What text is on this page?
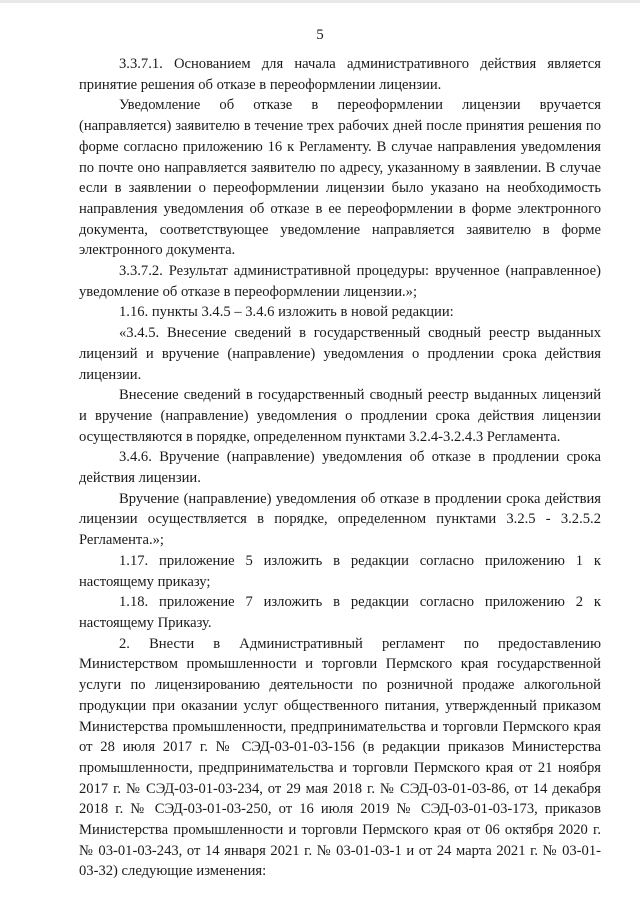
5

3.3.7.1. Основанием для начала административного действия является принятие решения об отказе в переоформлении лицензии.

Уведомление об отказе в переоформлении лицензии вручается (направляется) заявителю в течение трех рабочих дней после принятия решения по форме согласно приложению 16 к Регламенту. В случае направления уведомления по почте оно направляется заявителю по адресу, указанному в заявлении. В случае если в заявлении о переоформлении лицензии было указано на необходимость направления уведомления об отказе в ее переоформлении в форме электронного документа, соответствующее уведомление направляется заявителю в форме электронного документа.

3.3.7.2. Результат административной процедуры: врученное (направленное) уведомление об отказе в переоформлении лицензии.»;

1.16. пункты 3.4.5 – 3.4.6 изложить в новой редакции:

«3.4.5. Внесение сведений в государственный сводный реестр выданных лицензий и вручение (направление) уведомления о продлении срока действия лицензии.

Внесение сведений в государственный сводный реестр выданных лицензий и вручение (направление) уведомления о продлении срока действия лицензии осуществляются в порядке, определенном пунктами 3.2.4-3.2.4.3 Регламента.

3.4.6. Вручение (направление) уведомления об отказе в продлении срока действия лицензии.

Вручение (направление) уведомления об отказе в продлении срока действия лицензии осуществляется в порядке, определенном пунктами 3.2.5 - 3.2.5.2 Регламента.»;

1.17. приложение 5 изложить в редакции согласно приложению 1 к настоящему приказу;

1.18. приложение 7 изложить в редакции согласно приложению 2 к настоящему Приказу.

2. Внести в Административный регламент по предоставлению Министерством промышленности и торговли Пермского края государственной услуги по лицензированию деятельности по розничной продаже алкогольной продукции при оказании услуг общественного питания, утвержденный приказом Министерства промышленности, предпринимательства и торговли Пермского края от 28 июля 2017 г. № СЭД-03-01-03-156 (в редакции приказов Министерства промышленности, предпринимательства и торговли Пермского края от 21 ноября 2017 г. № СЭД-03-01-03-234, от 29 мая 2018 г. № СЭД-03-01-03-86, от 14 декабря 2018 г. № СЭД-03-01-03-250, от 16 июля 2019 № СЭД-03-01-03-173, приказов Министерства промышленности и торговли Пермского края от 06 октября 2020 г. № 03-01-03-243, от 14 января 2021 г. № 03-01-03-1 и от 24 марта 2021 г. № 03-01-03-32) следующие изменения:
